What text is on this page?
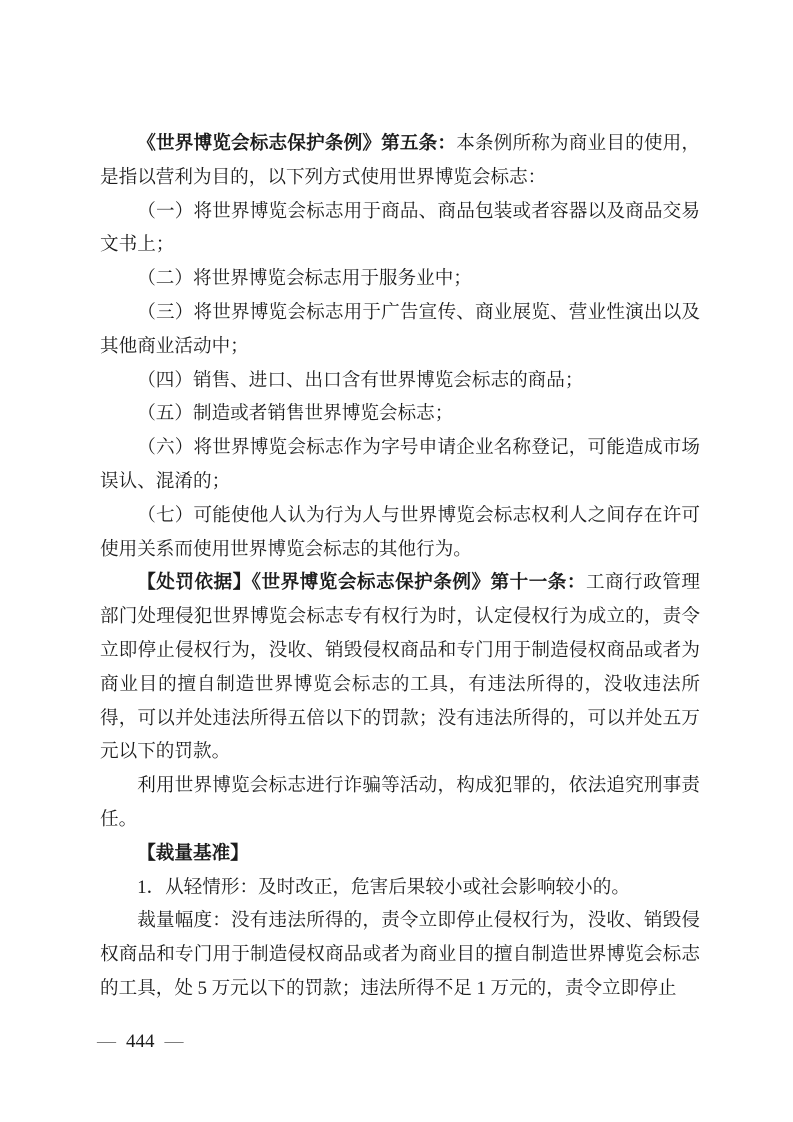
《世界博览会标志保护条例》第五条：本条例所称为商业目的使用，是指以营利为目的，以下列方式使用世界博览会标志：

（一）将世界博览会标志用于商品、商品包装或者容器以及商品交易文书上；

（二）将世界博览会标志用于服务业中；

（三）将世界博览会标志用于广告宣传、商业展览、营业性演出以及其他商业活动中；

（四）销售、进口、出口含有世界博览会标志的商品；

（五）制造或者销售世界博览会标志；

（六）将世界博览会标志作为字号申请企业名称登记，可能造成市场误认、混淆的；

（七）可能使他人认为行为人与世界博览会标志权利人之间存在许可使用关系而使用世界博览会标志的其他行为。

【处罚依据】《世界博览会标志保护条例》第十一条：工商行政管理部门处理侵犯世界博览会标志专有权行为时，认定侵权行为成立的，责令立即停止侵权行为，没收、销毁侵权商品和专门用于制造侵权商品或者为商业目的擅自制造世界博览会标志的工具，有违法所得的，没收违法所得，可以并处违法所得五倍以下的罚款；没有违法所得的，可以并处五万元以下的罚款。

利用世界博览会标志进行诈骗等活动，构成犯罪的，依法追究刑事责任。

【裁量基准】

1．从轻情形：及时改正，危害后果较小或社会影响较小的。

裁量幅度：没有违法所得的，责令立即停止侵权行为，没收、销毁侵权商品和专门用于制造侵权商品或者为商业目的擅自制造世界博览会标志的工具，处 5 万元以下的罚款；违法所得不足 1 万元的，责令立即停止

— 444 —
